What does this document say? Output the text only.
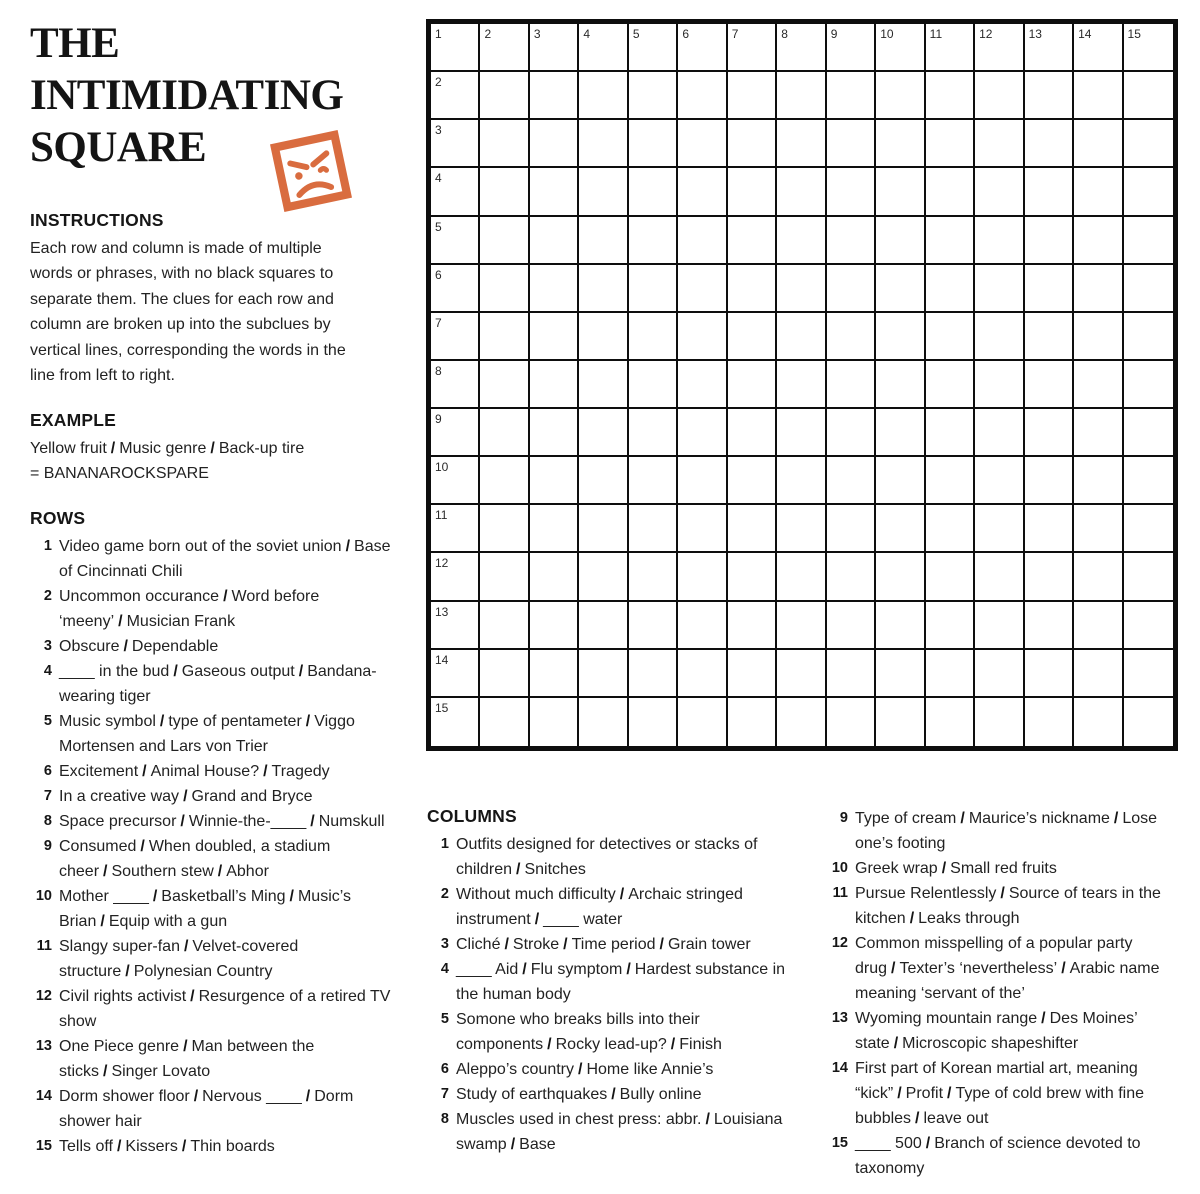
THE
INTIMIDATING
SQUARE
INSTRUCTIONS
Each row and column is made of multiple words or phrases, with no black squares to separate them. The clues for each row and column are broken up into the subclues by vertical lines, corresponding the words in the line from left to right.
EXAMPLE
Yellow fruit / Music genre / Back-up tire
= BANANAROCKSPARE
ROWS
1 Video game born out of the soviet union / Base of Cincinnati Chili
2 Uncommon occurance / Word before ‘meeny’ / Musician Frank
3 Obscure / Dependable
4 ____ in the bud / Gaseous output / Bandana-wearing tiger
5 Music symbol / type of pentameter / Viggo Mortensen and Lars von Trier
6 Excitement / Animal House? / Tragedy
7 In a creative way / Grand and Bryce
8 Space precursor / Winnie-the-____ / Numskull
9 Consumed / When doubled, a stadium cheer / Southern stew / Abhor
10 Mother ____ / Basketball’s Ming / Music’s Brian / Equip with a gun
11 Slangy super-fan / Velvet-covered structure / Polynesian Country
12 Civil rights activist / Resurgence of a retired TV show
13 One Piece genre / Man between the sticks / Singer Lovato
14 Dorm shower floor / Nervous ____ / Dorm shower hair
15 Tells off / Kissers / Thin boards
1	2	3	4	5	6	7	8	9	10	11	12	13	14	15
2
3
4
5
6
7
8
9
10
11
12
13
14
15
COLUMNS
1 Outfits designed for detectives or stacks of children / Snitches
2 Without much difficulty / Archaic stringed instrument / ____ water
3 Cliché / Stroke / Time period / Grain tower
4 ____ Aid / Flu symptom / Hardest substance in the human body
5 Somone who breaks bills into their components / Rocky lead-up? / Finish
6 Aleppo’s country / Home like Annie’s
7 Study of earthquakes / Bully online
8 Muscles used in chest press: abbr. / Louisiana swamp / Base
9 Type of cream / Maurice’s nickname / Lose one’s footing
10 Greek wrap / Small red fruits
11 Pursue Relentlessly / Source of tears in the kitchen / Leaks through
12 Common misspelling of a popular party drug / Texter’s ‘nevertheless’ / Arabic name meaning ‘servant of the’
13 Wyoming mountain range / Des Moines’ state / Microscopic shapeshifter
14 First part of Korean martial art, meaning “kick” / Profit / Type of cold brew with fine bubbles / leave out
15 ____ 500 / Branch of science devoted to taxonomy
